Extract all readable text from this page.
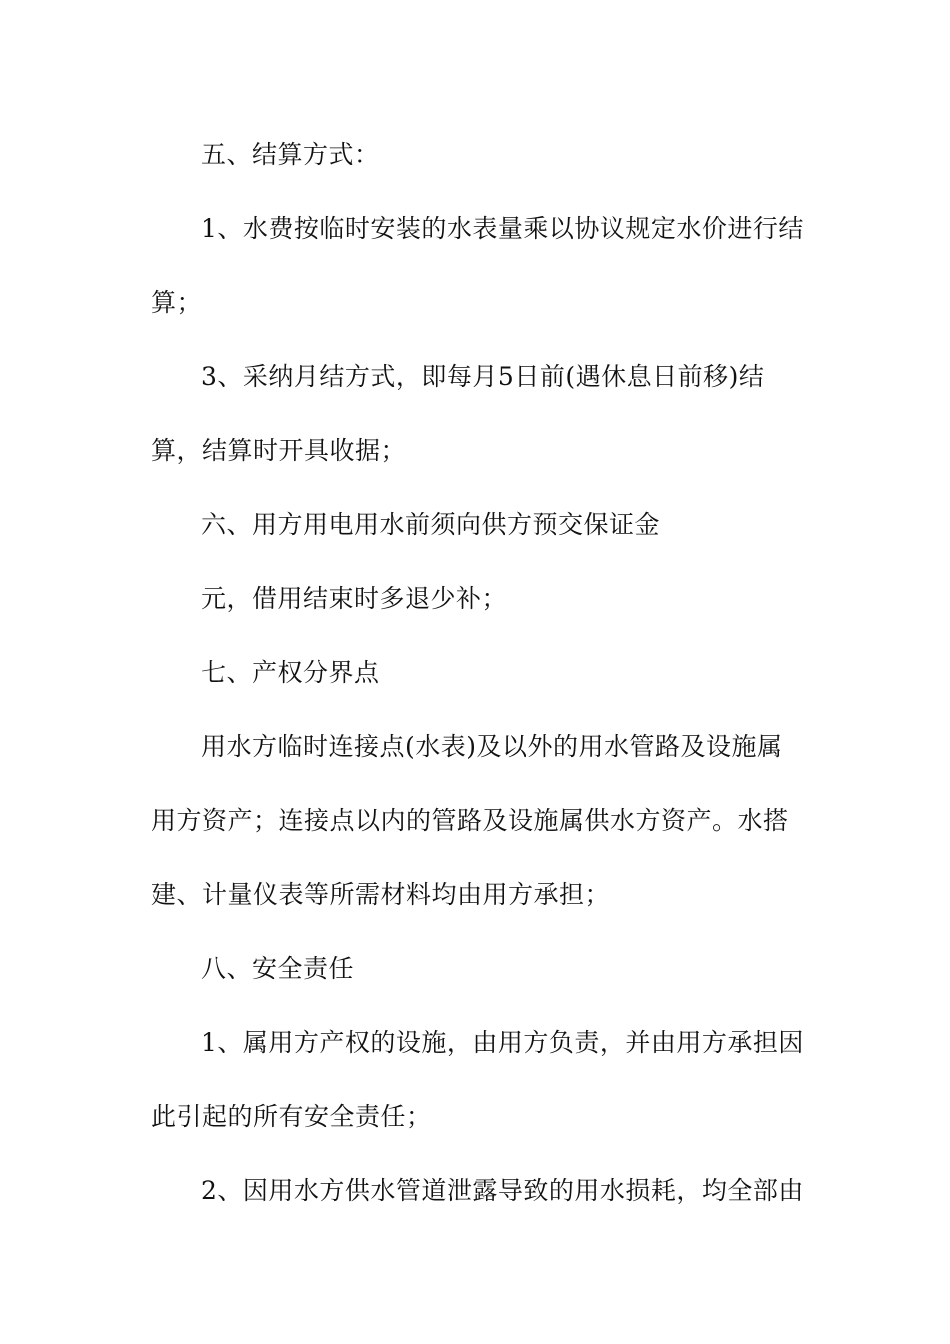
五、结算方式：
1、水费按临时安装的水表量乘以协议规定水价进行结
算；
3、采纳月结方式，即每月5日前(遇休息日前移)结
算，结算时开具收据；
六、用方用电用水前须向供方预交保证金
元，借用结束时多退少补；
七、产权分界点
用水方临时连接点(水表)及以外的用水管路及设施属
用方资产；连接点以内的管路及设施属供水方资产。水搭
建、计量仪表等所需材料均由用方承担；
八、安全责任
1、属用方产权的设施，由用方负责，并由用方承担因
此引起的所有安全责任；
2、因用水方供水管道泄露导致的用水损耗，均全部由
